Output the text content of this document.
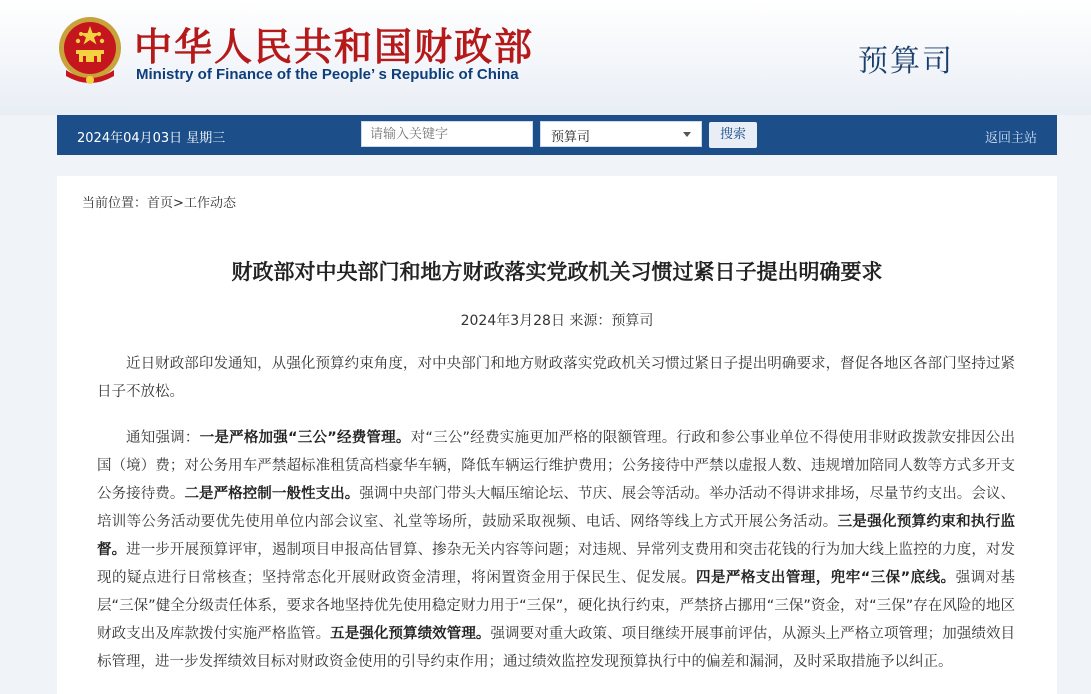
中华人民共和国财政部
Ministry of Finance of the People’ s Republic of China	预算司
2024年04月03日 星期三
请输入关键字	预算司	搜索	返回主站
当前位置：首页>工作动态
财政部对中央部门和地方财政落实党政机关习惯过紧日子提出明确要求
2024年3月28日 来源：预算司

近日财政部印发通知，从强化预算约束角度，对中央部门和地方财政落实党政机关习惯过紧日子提出明确要求，督促各地区各部门坚持过紧日子不放松。

通知强调：一是严格加强“三公”经费管理。对“三公”经费实施更加严格的限额管理。行政和参公事业单位不得使用非财政拨款安排因公出国（境）费；对公务用车严禁超标准租赁高档豪华车辆，降低车辆运行维护费用；公务接待中严禁以虚报人数、违规增加陪同人数等方式多开支公务接待费。二是严格控制一般性支出。强调中央部门带头大幅压缩论坛、节庆、展会等活动。举办活动不得讲求排场，尽量节约支出。会议、培训等公务活动要优先使用单位内部会议室、礼堂等场所，鼓励采取视频、电话、网络等线上方式开展公务活动。三是强化预算约束和执行监督。进一步开展预算评审，遏制项目申报高估冒算、掺杂无关内容等问题；对违规、异常列支费用和突击花钱的行为加大线上监控的力度，对发现的疑点进行日常核查；坚持常态化开展财政资金清理，将闲置资金用于保民生、促发展。四是严格支出管理，兜牢“三保”底线。强调对基层“三保”健全分级责任体系，要求各地坚持优先使用稳定财力用于“三保”，硬化执行约束，严禁挤占挪用“三保”资金，对“三保”存在风险的地区财政支出及库款拨付实施严格监管。五是强化预算绩效管理。强调要对重大政策、项目继续开展事前评估，从源头上严格立项管理；加强绩效目标管理，进一步发挥绩效目标对财政资金使用的引导约束作用；通过绩效监控发现预算执行中的偏差和漏洞，及时采取措施予以纠正。
